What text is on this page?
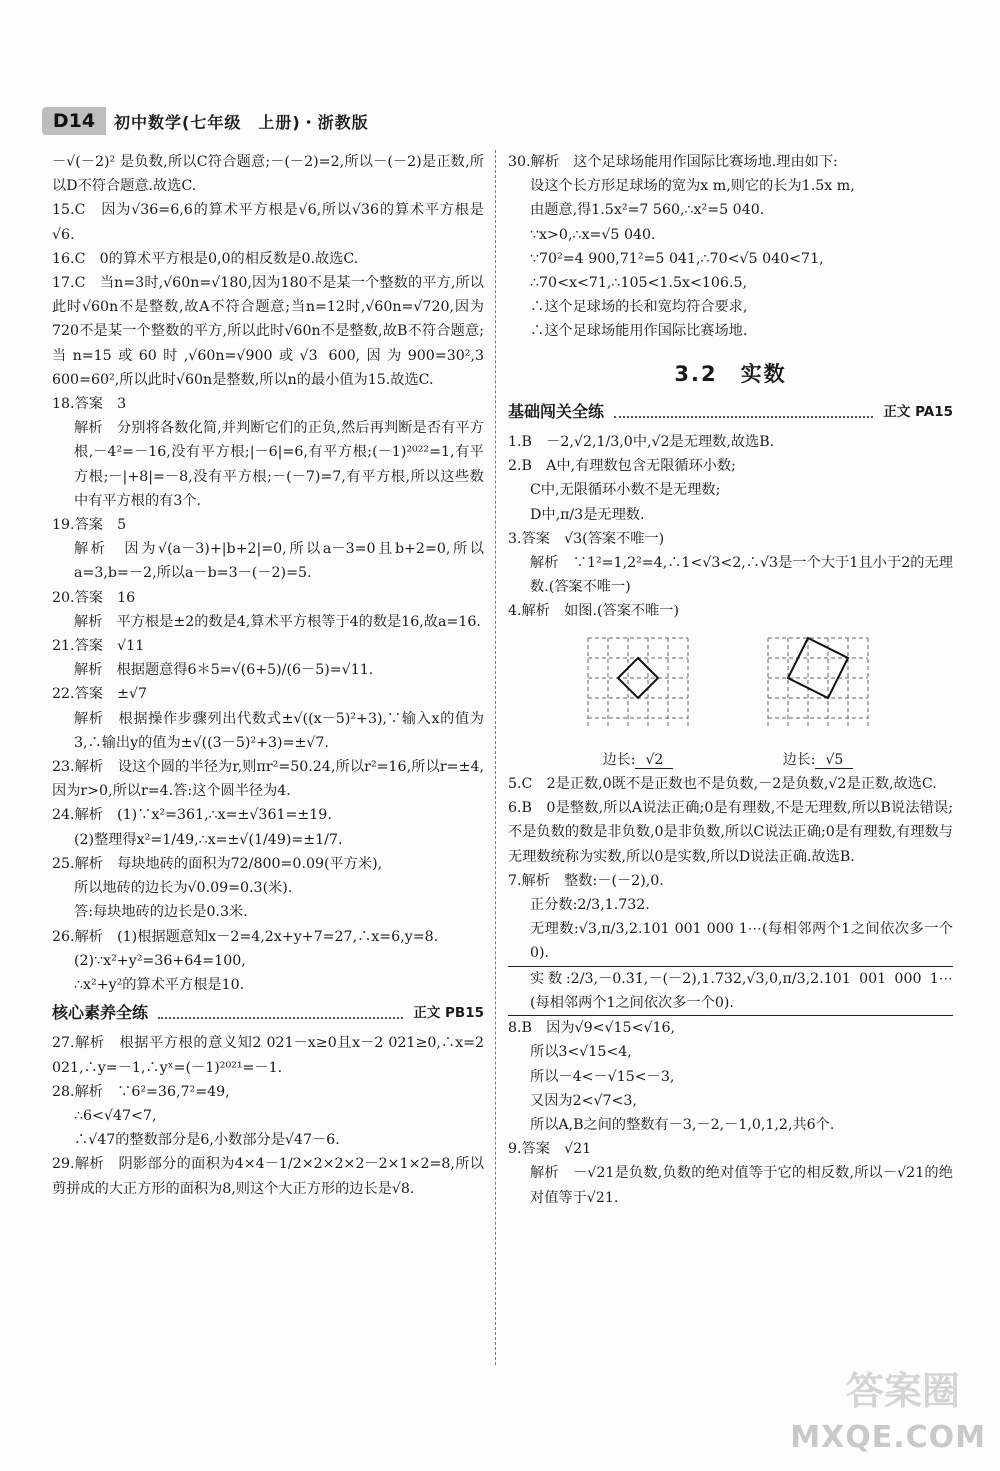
D14	初中数学(七年级　上册)・浙教版
－√(－2)² 是负数,所以C符合题意;－(－2)=2,所以－(－2)是正数,所以D不符合题意.故选C.
15.C　因为√36=6,6的算术平方根是√6,所以√36的算术平方根是√6.
16.C　0的算术平方根是0,0的相反数是0.故选C.
17.C　当n=3时,√60n=√180,因为180不是某一个整数的平方,所以此时√60n不是整数,故A不符合题意;当n=12时,√60n=√720,因为720不是某一个整数的平方,所以此时√60n不是整数,故B不符合题意;当n=15或60时,√60n=√900或√3 600,因为900=30²,3 600=60²,所以此时√60n是整数,所以n的最小值为15.故选C.
18.答案　3
解析　分别将各数化简,并判断它们的正负,然后再判断是否有平方根,－4²=－16,没有平方根;|－6|=6,有平方根;(－1)²⁰²²=1,有平方根;－|+8|=－8,没有平方根;－(－7)=7,有平方根,所以这些数中有平方根的有3个.
19.答案　5
解析　因为√(a－3)+|b+2|=0,所以a－3=0且b+2=0,所以a=3,b=－2,所以a－b=3－(－2)=5.
20.答案　16
解析　平方根是±2的数是4,算术平方根等于4的数是16,故a=16.
21.答案　√11
解析　根据题意得6＊5=√(6+5)/(6－5)=√11.
22.答案　±√7
解析　根据操作步骤列出代数式±√((x－5)²+3),∵输入x的值为3,∴输出y的值为±√((3－5)²+3)=±√7.
23.解析　设这个圆的半径为r,则πr²=50.24,所以r²=16,所以r=±4,因为r>0,所以r=4.答:这个圆半径为4.
24.解析　(1)∵x²=361,∴x=±√361=±19.
(2)整理得x²=1/49,∴x=±√(1/49)=±1/7.
25.解析　每块地砖的面积为72/800=0.09(平方米),
所以地砖的边长为√0.09=0.3(米).
答:每块地砖的边长是0.3米.
26.解析　(1)根据题意知x－2=4,2x+y+7=27,∴x=6,y=8.
(2)∵x²+y²=36+64=100,
∴x²+y²的算术平方根是10.
核心素养全练	正文 PB15
27.解析　根据平方根的意义知2 021－x≥0且x－2 021≥0,∴x=2 021,∴y=－1,∴yˣ=(－1)²⁰²¹=－1.
28.解析　∵6²=36,7²=49,
∴6<√47<7,
∴√47的整数部分是6,小数部分是√47－6.
29.解析　阴影部分的面积为4×4－1/2×2×2×2－2×1×2=8,所以剪拼成的大正方形的面积为8,则这个大正方形的边长是√8.
30.解析　这个足球场能用作国际比赛场地.理由如下:
设这个长方形足球场的宽为x m,则它的长为1.5x m,
由题意,得1.5x²=7 560,∴x²=5 040.
∵x>0,∴x=√5 040.
∵70²=4 900,71²=5 041,∴70<√5 040<71,
∴70<x<71,∴105<1.5x<106.5,
∴这个足球场的长和宽均符合要求,
∴这个足球场能用作国际比赛场地.
3.2　实数
基础闯关全练	正文 PA15
1.B　－2,√2,1/3,0中,√2是无理数,故选B.
2.B　A中,有理数包含无限循环小数;
C中,无限循环小数不是无理数;
D中,π/3是无理数.
3.答案　√3(答案不唯一)
解析　∵1²=1,2²=4,∴1<√3<2,∴√3是一个大于1且小于2的无理数.(答案不唯一)
4.解析　如图.(答案不唯一)
边长: √2	边长: √5
5.C　2是正数,0既不是正数也不是负数,－2是负数,√2是正数,故选C.
6.B　0是整数,所以A说法正确;0是有理数,不是无理数,所以B说法错误;不是负数的数是非负数,0是非负数,所以C说法正确;0是有理数,有理数与无理数统称为实数,所以0是实数,所以D说法正确.故选B.
7.解析　整数:－(－2),0.
正分数:2/3,1.732.
无理数:√3,π/3,2.101 001 000 1⋯(每相邻两个1之间依次多一个0).
实数:2/3,－0.3̇1̇,－(－2),1.732,√3,0,π/3,2.101 001 000 1⋯(每相邻两个1之间依次多一个0).
8.B　因为√9<√15<√16,
所以3<√15<4,
所以－4<－√15<－3,
又因为2<√7<3,
所以A,B之间的整数有－3,－2,－1,0,1,2,共6个.
9.答案　√21
解析　－√21是负数,负数的绝对值等于它的相反数,所以－√21的绝对值等于√21.
答案圈
MXQE.COM
